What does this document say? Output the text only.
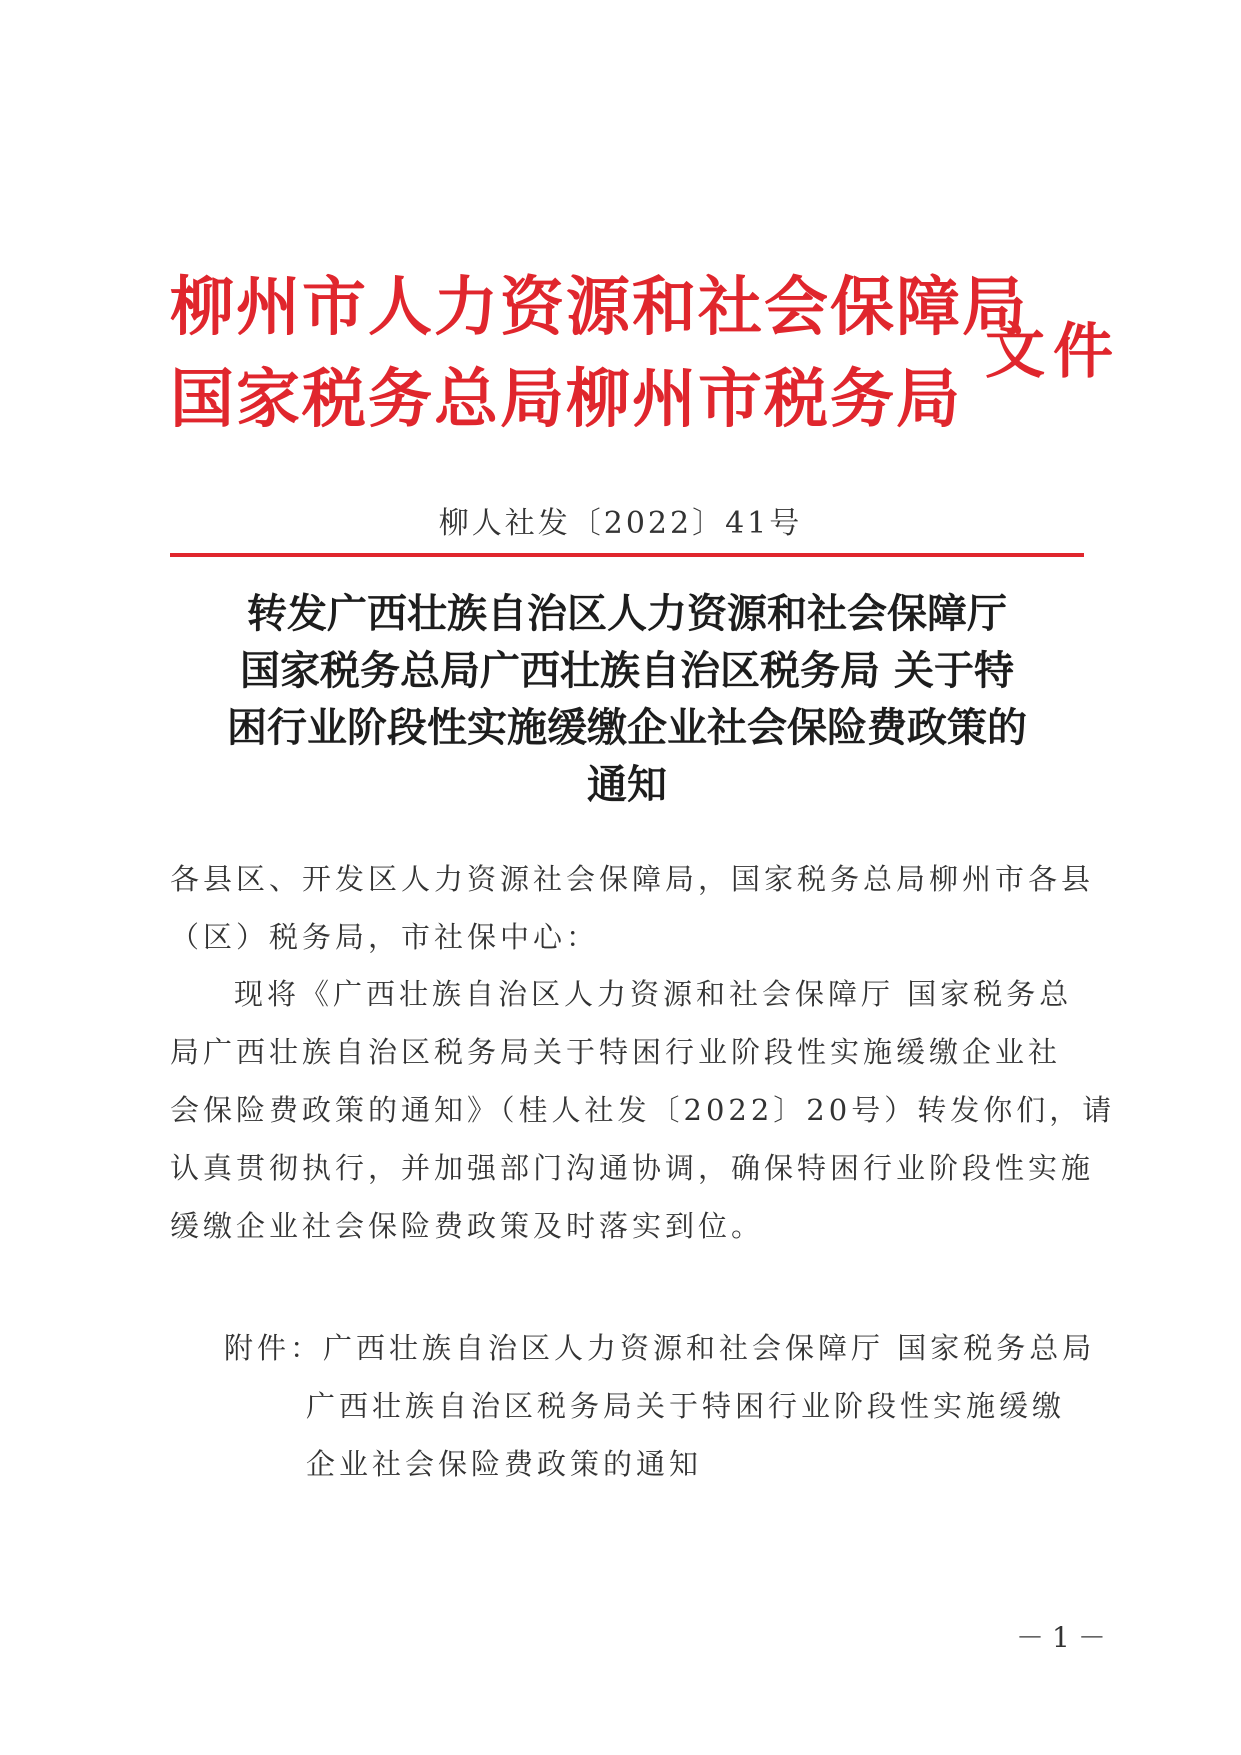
柳州市人力资源和社会保障局
国家税务总局柳州市税务局
文件
柳人社发〔2022〕41号
转发广西壮族自治区人力资源和社会保障厅
国家税务总局广西壮族自治区税务局 关于特
困行业阶段性实施缓缴企业社会保险费政策的
通知
各县区、开发区人力资源社会保障局，国家税务总局柳州市各县
（区）税务局，市社保中心：
现将《广西壮族自治区人力资源和社会保障厅 国家税务总
局广西壮族自治区税务局关于特困行业阶段性实施缓缴企业社
会保险费政策的通知》（桂人社发〔2022〕20号）转发你们，请
认真贯彻执行，并加强部门沟通协调，确保特困行业阶段性实施
缓缴企业社会保险费政策及时落实到位。
附件：广西壮族自治区人力资源和社会保障厅 国家税务总局
广西壮族自治区税务局关于特困行业阶段性实施缓缴
企业社会保险费政策的通知
－1－
